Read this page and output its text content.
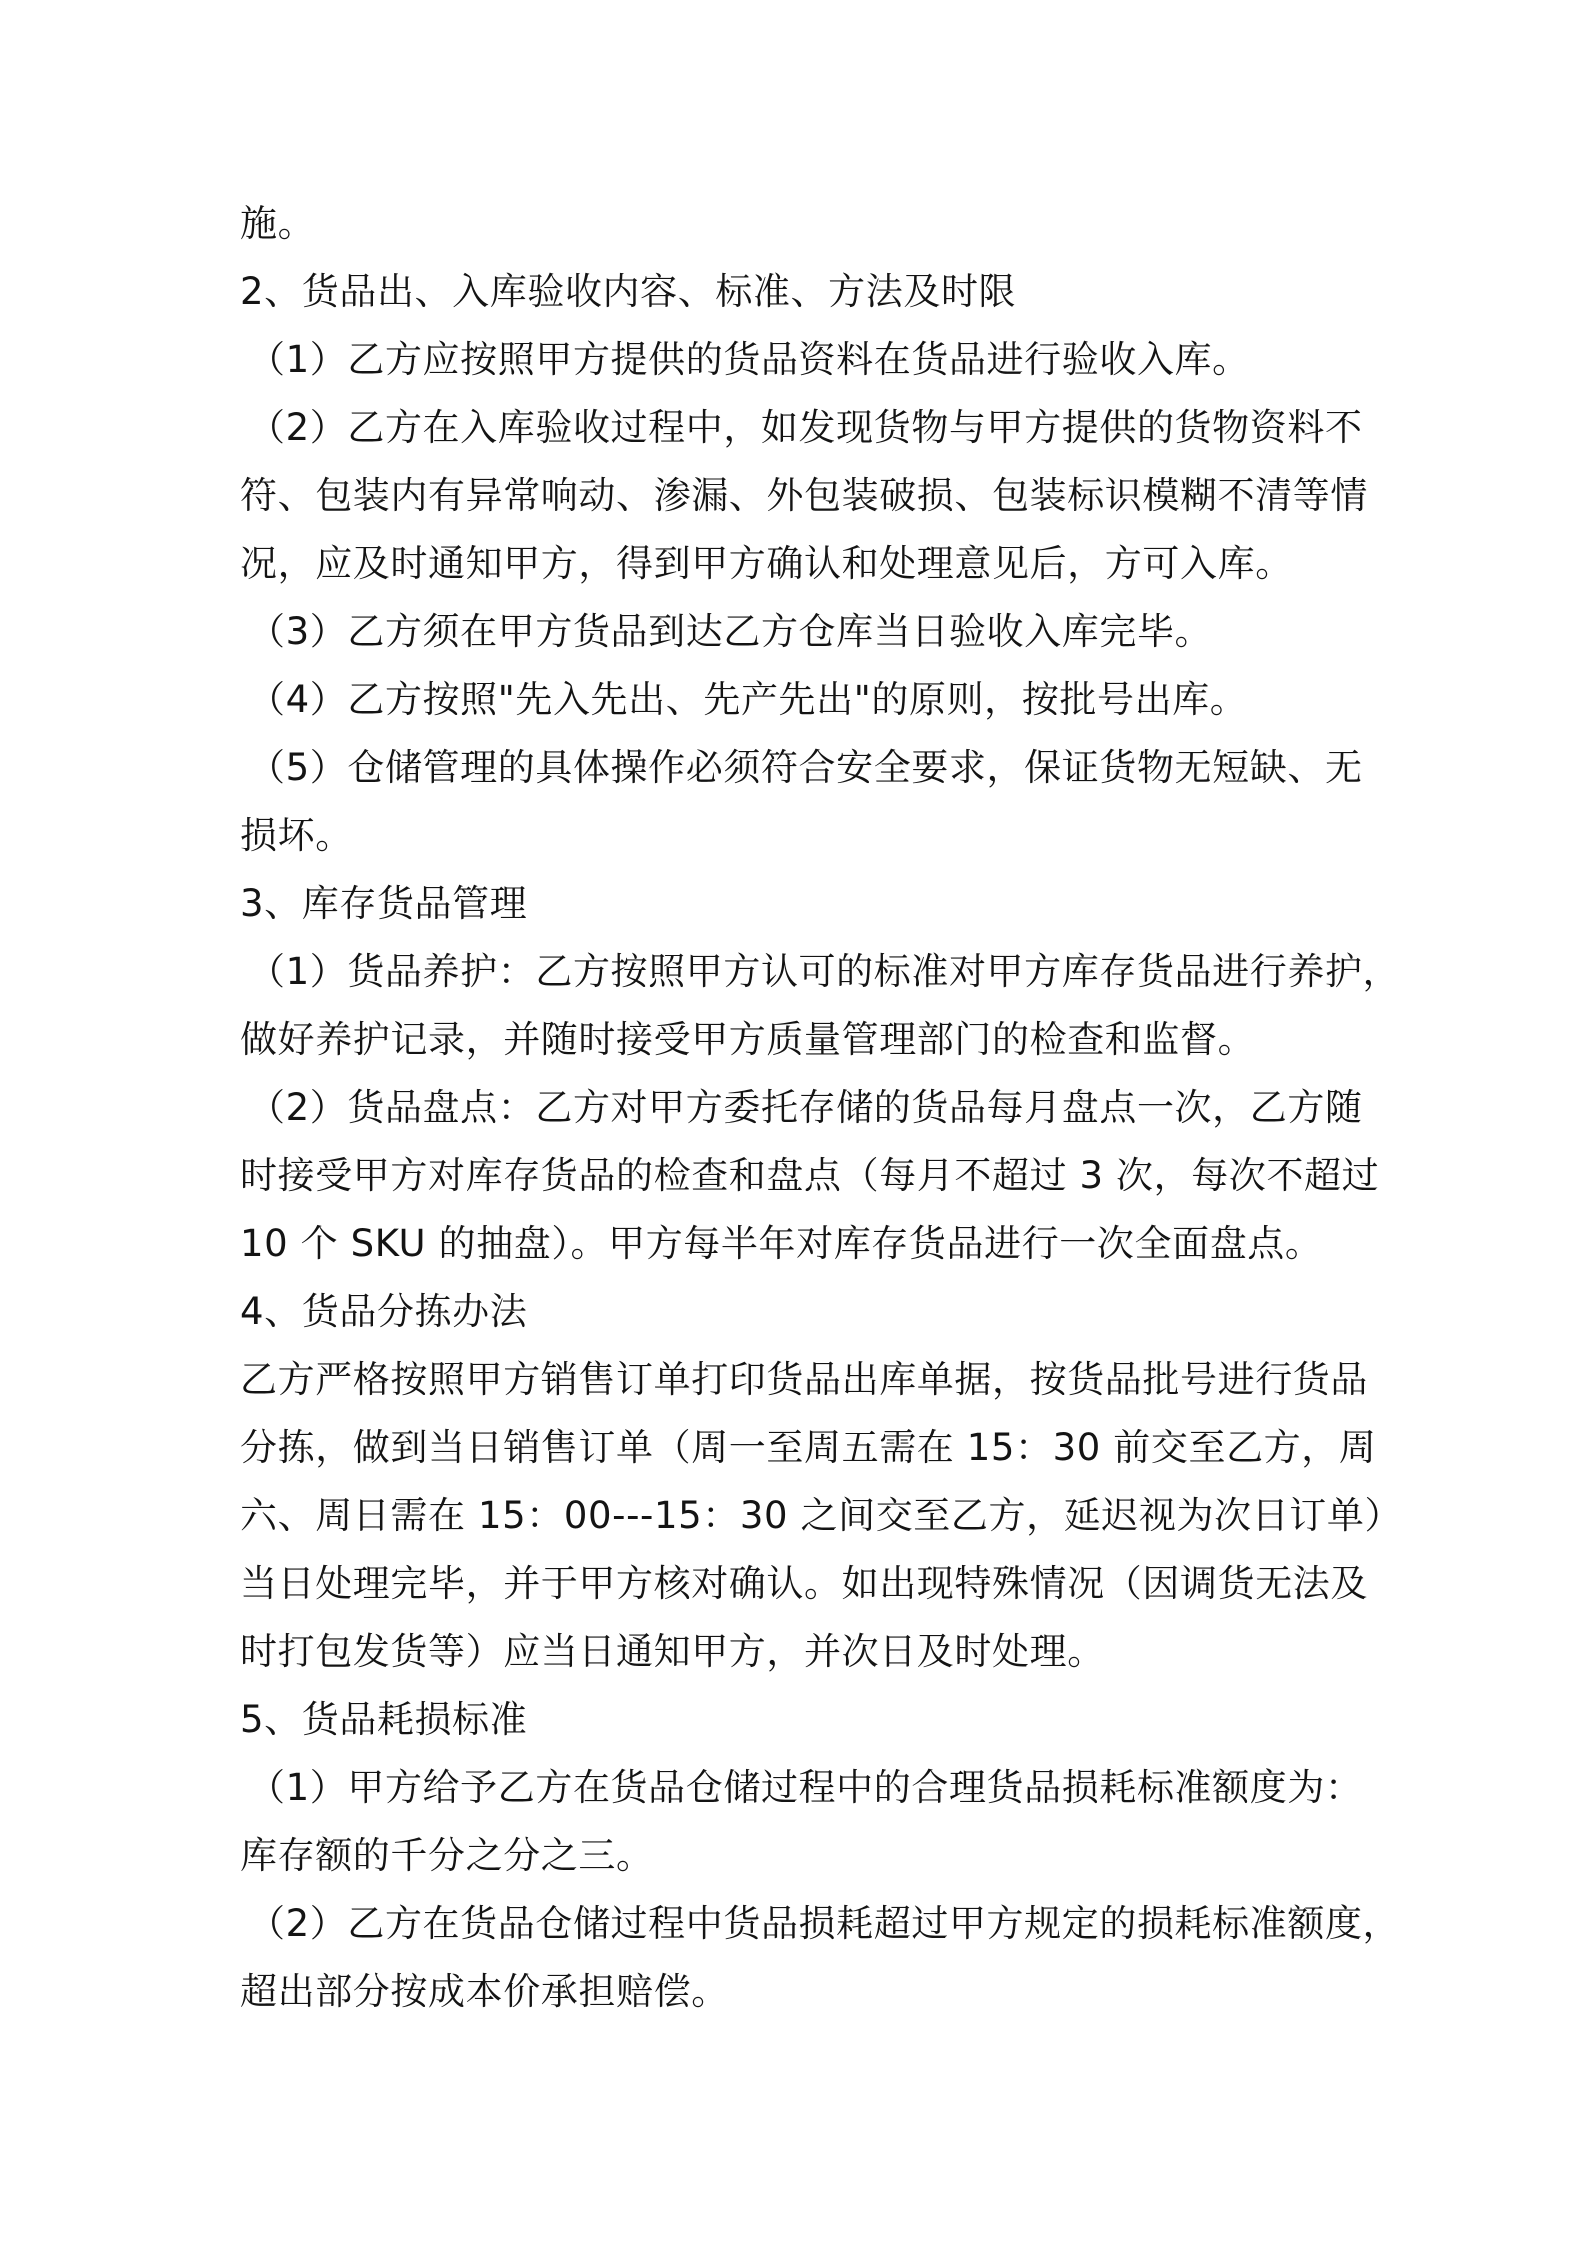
施。
2、货品出、入库验收内容、标准、方法及时限
（1）乙方应按照甲方提供的货品资料在货品进行验收入库。
（2）乙方在入库验收过程中，如发现货物与甲方提供的货物资料不
符、包装内有异常响动、渗漏、外包装破损、包装标识模糊不清等情
况，应及时通知甲方，得到甲方确认和处理意见后，方可入库。
（3）乙方须在甲方货品到达乙方仓库当日验收入库完毕。
（4）乙方按照"先入先出、先产先出"的原则，按批号出库。
（5）仓储管理的具体操作必须符合安全要求，保证货物无短缺、无
损坏。
3、库存货品管理
（1）货品养护：乙方按照甲方认可的标准对甲方库存货品进行养护，
做好养护记录，并随时接受甲方质量管理部门的检查和监督。
（2）货品盘点：乙方对甲方委托存储的货品每月盘点一次，乙方随
时接受甲方对库存货品的检查和盘点（每月不超过 3 次，每次不超过
10 个 SKU 的抽盘）。甲方每半年对库存货品进行一次全面盘点。
4、货品分拣办法
乙方严格按照甲方销售订单打印货品出库单据，按货品批号进行货品
分拣，做到当日销售订单（周一至周五需在 15：30 前交至乙方，周
六、周日需在 15：00---15：30 之间交至乙方，延迟视为次日订单）
当日处理完毕，并于甲方核对确认。如出现特殊情况（因调货无法及
时打包发货等）应当日通知甲方，并次日及时处理。
5、货品耗损标准
（1）甲方给予乙方在货品仓储过程中的合理货品损耗标准额度为：
库存额的千分之分之三。
（2）乙方在货品仓储过程中货品损耗超过甲方规定的损耗标准额度，
超出部分按成本价承担赔偿。
